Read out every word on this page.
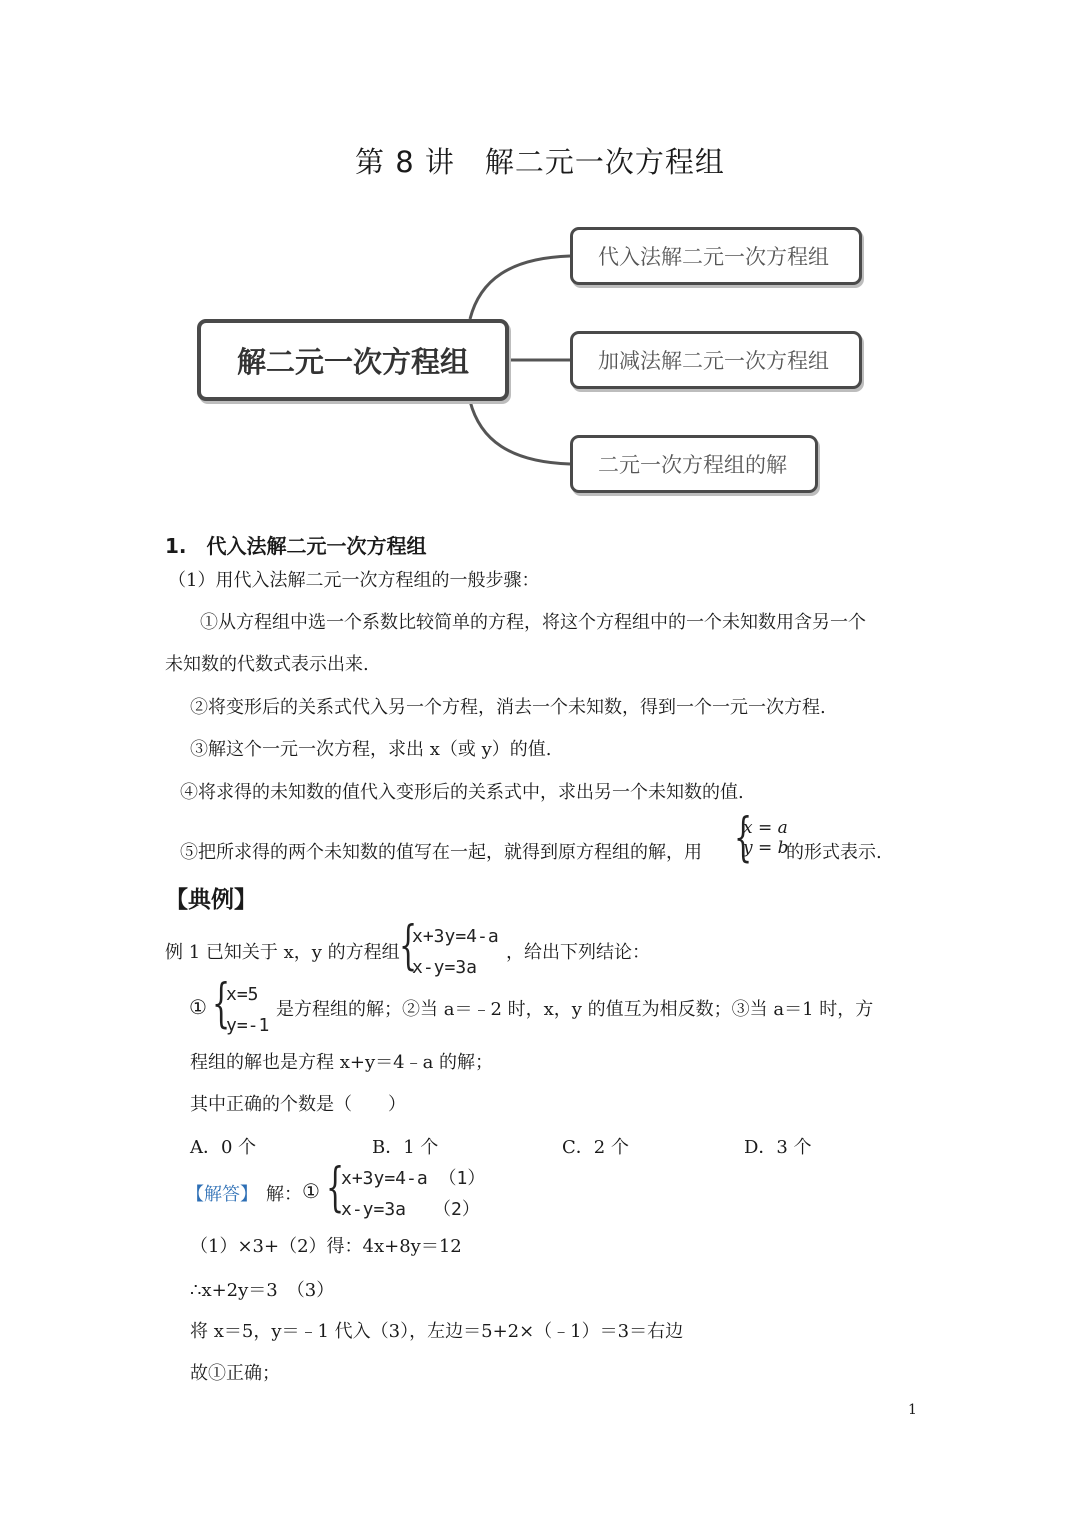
第 8 讲　解二元一次方程组
解二元一次方程组
代入法解二元一次方程组
加减法解二元一次方程组
二元一次方程组的解
1.　代入法解二元一次方程组
（1）用代入法解二元一次方程组的一般步骤：
①从方程组中选一个系数比较简单的方程，将这个方程组中的一个未知数用含另一个
未知数的代数式表示出来.
②将变形后的关系式代入另一个方程，消去一个未知数，得到一个一元一次方程.
③解这个一元一次方程，求出 x（或 y）的值.
④将求得的未知数的值代入变形后的关系式中，求出另一个未知数的值.
⑤把所求得的两个未知数的值写在一起，就得到原方程组的解，用 {
x = a
y = b
的形式表示.
【典例】
例 1 已知关于 x，y 的方程组 {
x+3y=4-a
x-y=3a
，给出下列结论：
① {
x=5
y=-1
是方程组的解；②当 a＝﹣2 时，x，y 的值互为相反数；③当 a＝1 时，方
程组的解也是方程 x+y＝4﹣a 的解；
其中正确的个数是（　　）
A．0 个	B．1 个	C．2 个	D．3 个
【解答】 解： ① {
x+3y=4-a （1）
x-y=3a　　（2）
（1）×3+（2）得：4x+8y＝12
∴x+2y＝3　（3）
将 x＝5，y＝﹣1 代入（3），左边＝5+2×（﹣1）＝3＝右边
故①正确；
1
